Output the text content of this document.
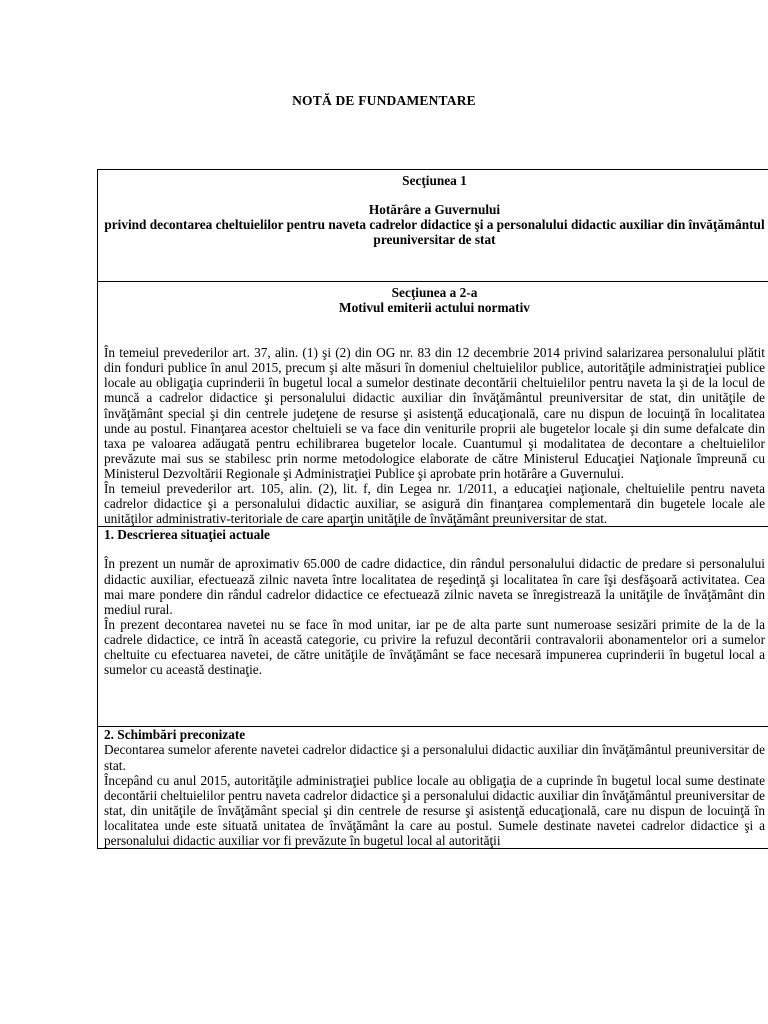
NOTĂ DE FUNDAMENTARE
Secţiunea 1
Hotărâre a Guvernului
privind decontarea cheltuielilor pentru naveta cadrelor didactice şi a personalului didactic auxiliar din învăţământul preuniversitar de stat

Secţiunea a 2-a
Motivul emiterii actului normativ

În temeiul prevederilor art. 37, alin. (1) şi (2) din OG nr. 83 din 12 decembrie 2014 privind salarizarea personalului plătit din fonduri publice în anul 2015, precum şi alte măsuri în domeniul cheltuielilor publice, autorităţile administraţiei publice locale au obligaţia cuprinderii în bugetul local a sumelor destinate decontării cheltuielilor pentru naveta la şi de la locul de muncă a cadrelor didactice şi personalului didactic auxiliar din învăţământul preuniversitar de stat, din unităţile de învăţământ special şi din centrele judeţene de resurse şi asistenţă educaţională, care nu dispun de locuinţă în localitatea unde au postul. Finanţarea acestor cheltuieli se va face din veniturile proprii ale bugetelor locale şi din sume defalcate din taxa pe valoarea adăugată pentru echilibrarea bugetelor locale. Cuantumul şi modalitatea de decontare a cheltuielilor prevăzute mai sus se stabilesc prin norme metodologice elaborate de către Ministerul Educaţiei Naţionale împreună cu Ministerul Dezvoltării Regionale şi Administraţiei Publice şi aprobate prin hotărâre a Guvernului.

În temeiul prevederilor art. 105, alin. (2), lit. f, din Legea nr. 1/2011, a educaţiei naţionale, cheltuielile pentru naveta cadrelor didactice şi a personalului didactic auxiliar, se asigură din finanţarea complementară din bugetele locale ale unităţilor administrativ-teritoriale de care aparţin unităţile de învăţământ preuniversitar de stat.

1. Descrierea situaţiei actuale

În prezent un număr de aproximativ 65.000 de cadre didactice, din rândul personalului didactic de predare si personalului didactic auxiliar, efectuează zilnic naveta între localitatea de reşedinţă şi localitatea în care îşi desfăşoară activitatea. Cea mai mare pondere din rândul cadrelor didactice ce efectuează zilnic naveta se înregistrează la unităţile de învăţământ din mediul rural.

În prezent decontarea navetei nu se face în mod unitar, iar pe de alta parte sunt numeroase sesizări primite de la de la cadrele didactice, ce intră în această categorie, cu privire la refuzul decontării contravalorii abonamentelor ori a sumelor cheltuite cu efectuarea navetei, de către unităţile de învăţământ se face necesară impunerea cuprinderii în bugetul local a sumelor cu această destinaţie.

2. Schimbări preconizate

Decontarea sumelor aferente navetei cadrelor didactice şi a personalului didactic auxiliar din învăţământul preuniversitar de stat.

Începând cu anul 2015, autorităţile administraţiei publice locale au obligaţia de a cuprinde în bugetul local sume destinate decontării cheltuielilor pentru naveta cadrelor didactice şi a personalului didactic auxiliar din învăţământul preuniversitar de stat, din unităţile de învăţământ special şi din centrele de resurse şi asistenţă educaţională, care nu dispun de locuinţă în localitatea unde este situată unitatea de învăţământ la care au postul. Sumele destinate navetei cadrelor didactice şi a personalului didactic auxiliar vor fi prevăzute în bugetul local al autorităţii
